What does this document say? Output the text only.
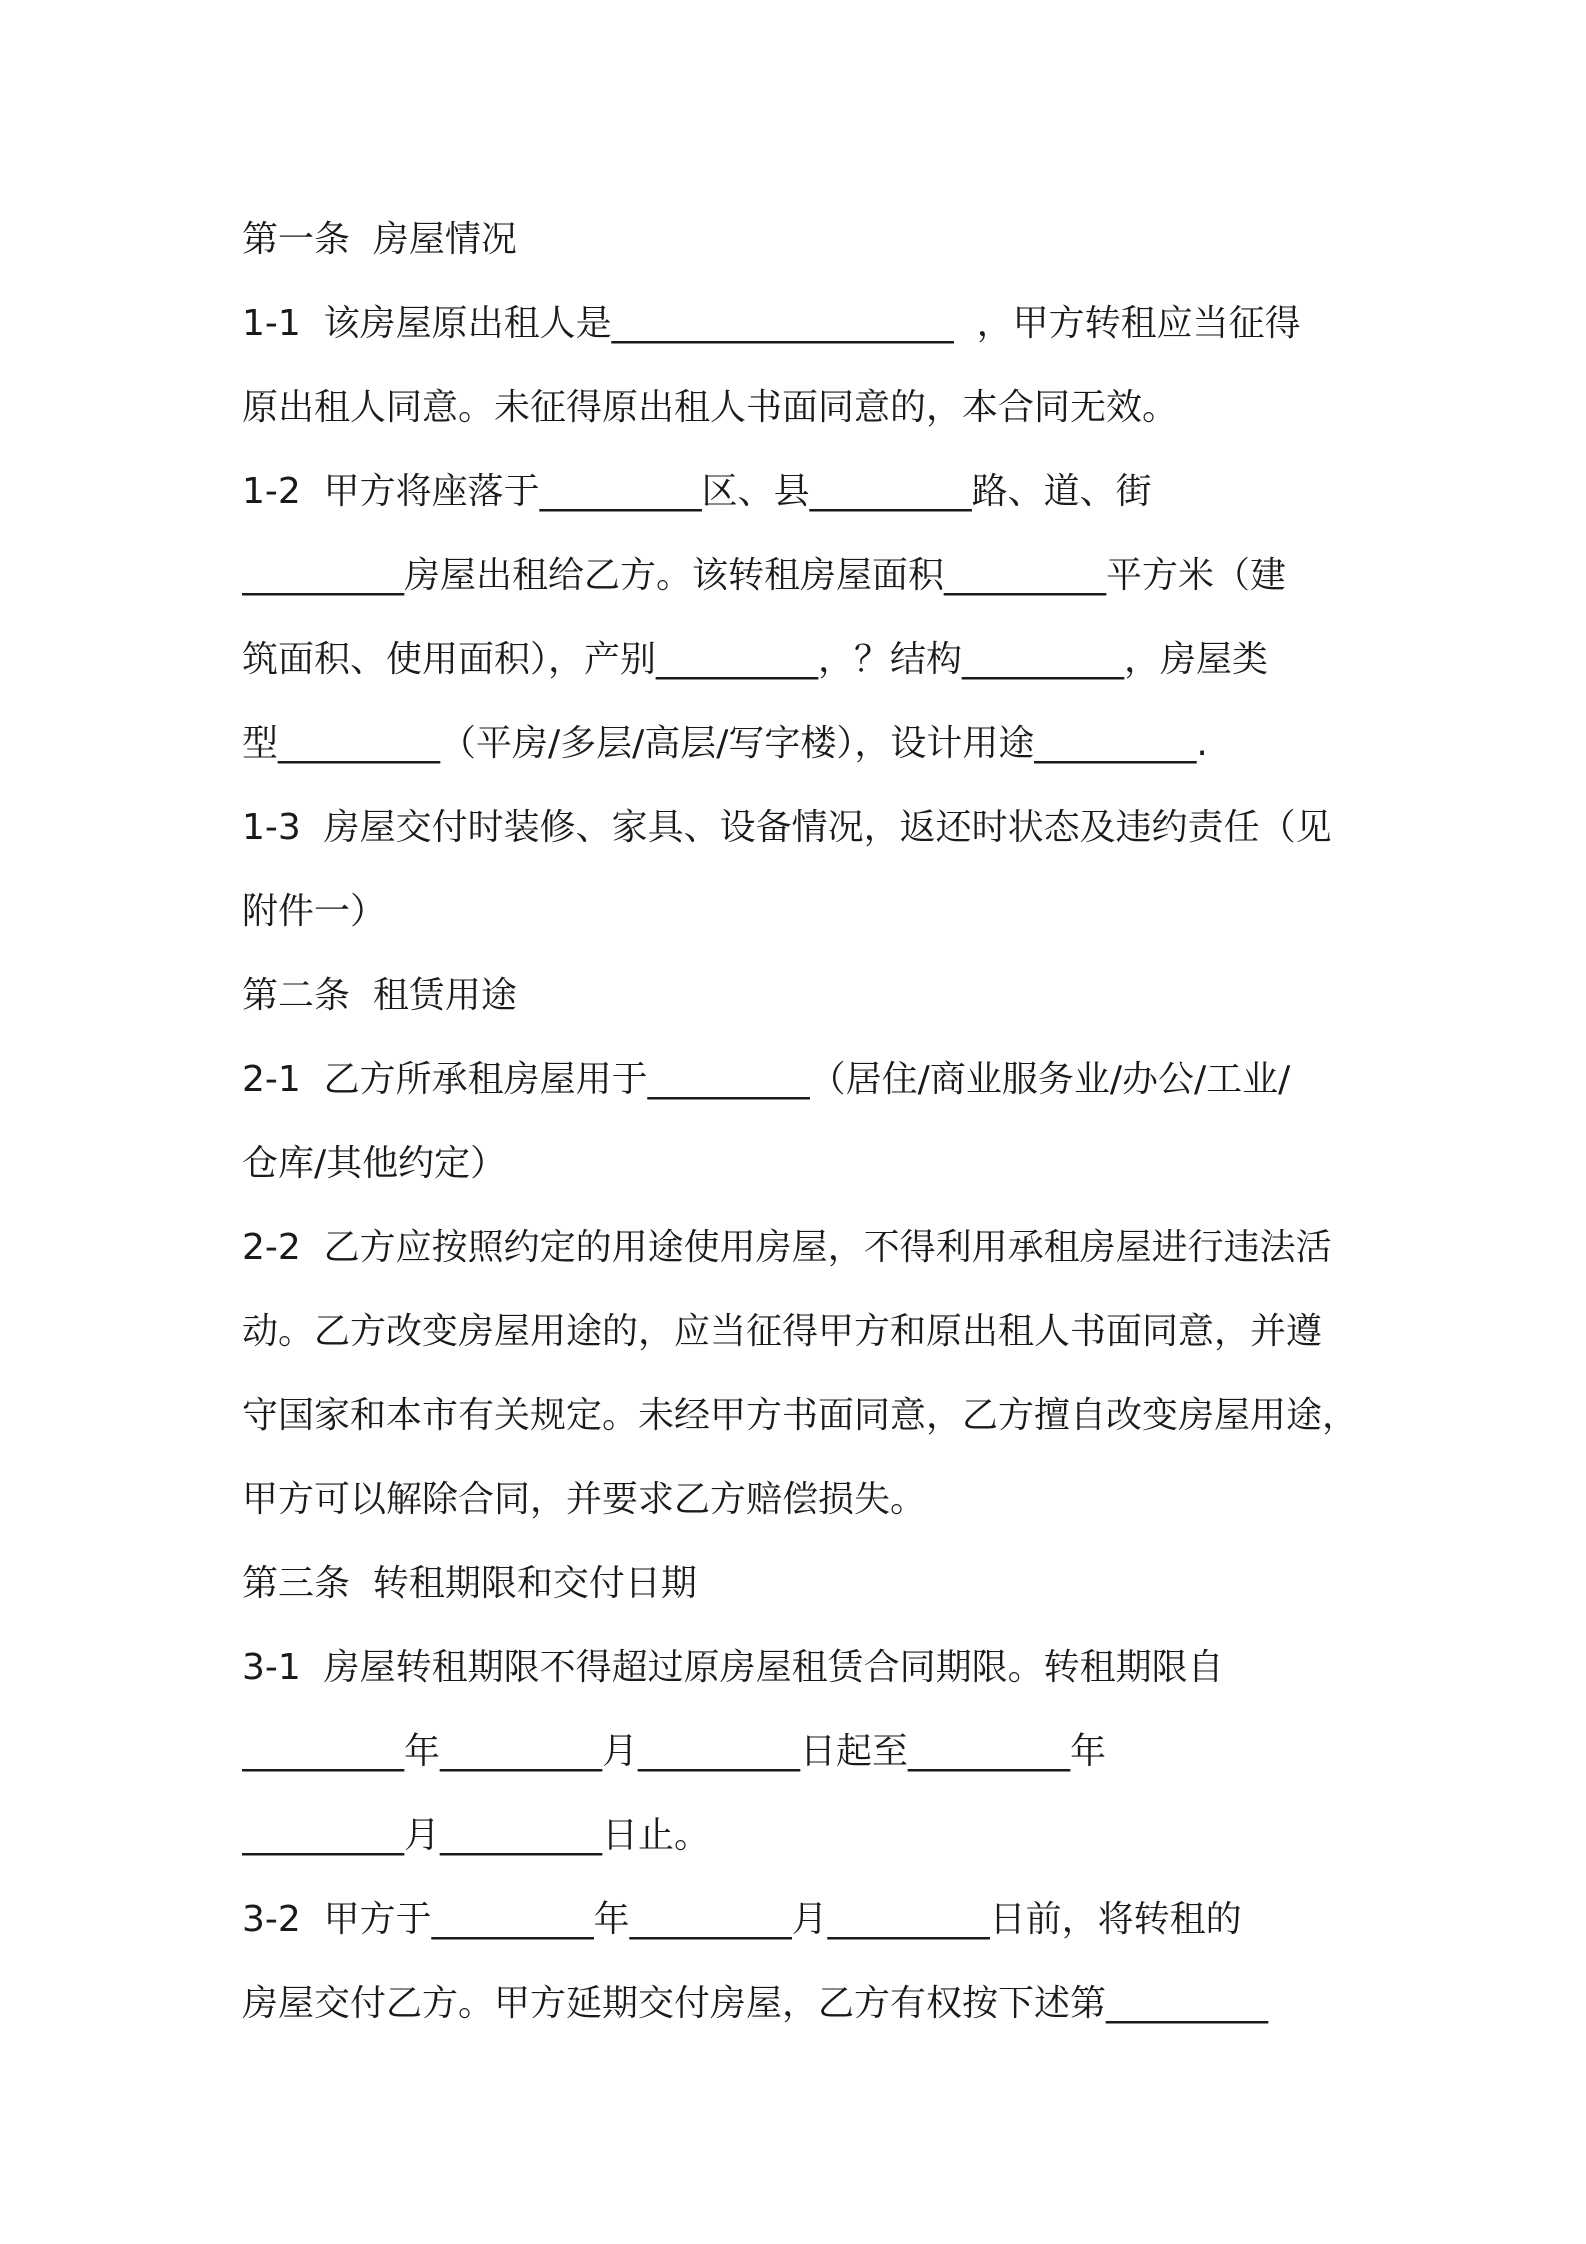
第一条  房屋情况
1-1  该房屋原出租人是___________________  ，甲方转租应当征得
原出租人同意。未征得原出租人书面同意的，本合同无效。
1-2  甲方将座落于_________区、县_________路、道、街
_________房屋出租给乙方。该转租房屋面积_________平方米（建
筑面积、使用面积），产别_________，？结构_________，房屋类
型_________（平房/多层/高层/写字楼），设计用途_________.
1-3  房屋交付时装修、家具、设备情况，返还时状态及违约责任（见
附件一）
第二条  租赁用途
2-1  乙方所承租房屋用于_________（居住/商业服务业/办公/工业/
仓库/其他约定）
2-2  乙方应按照约定的用途使用房屋，不得利用承租房屋进行违法活
动。乙方改变房屋用途的，应当征得甲方和原出租人书面同意，并遵
守国家和本市有关规定。未经甲方书面同意，乙方擅自改变房屋用途，
甲方可以解除合同，并要求乙方赔偿损失。
第三条  转租期限和交付日期
3-1  房屋转租期限不得超过原房屋租赁合同期限。转租期限自
_________年_________月_________日起至_________年
_________月_________日止。
3-2  甲方于_________年_________月_________日前，将转租的
房屋交付乙方。甲方延期交付房屋，乙方有权按下述第_________
